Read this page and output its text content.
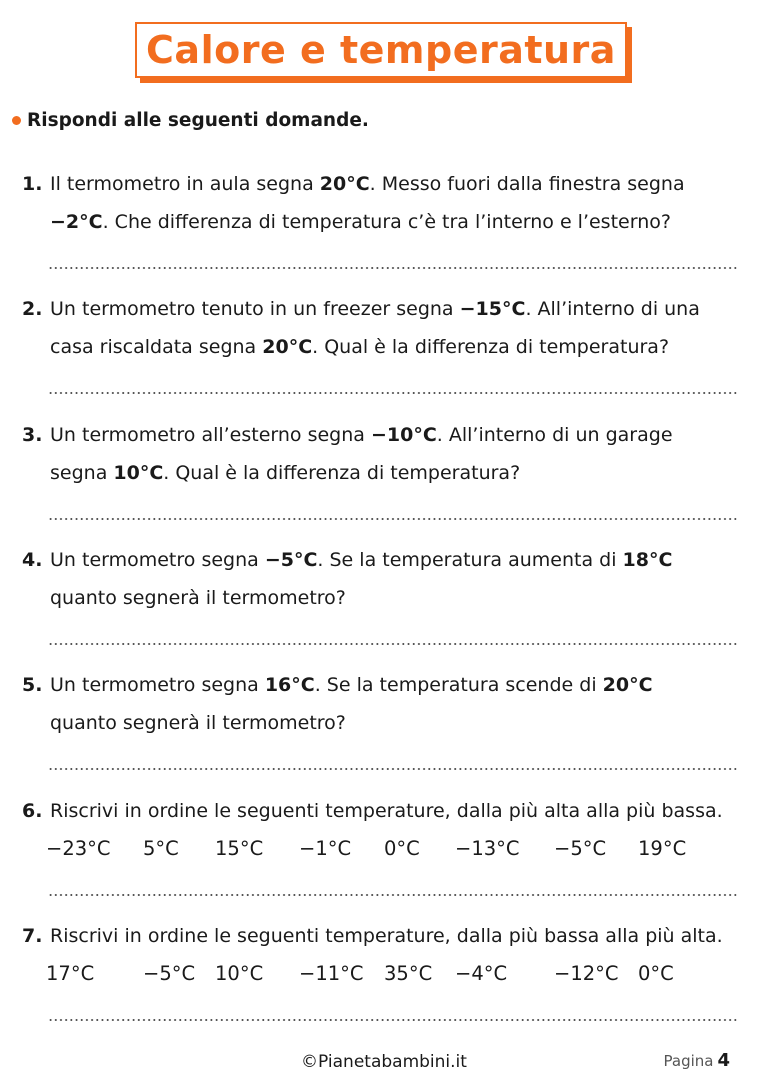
Calore e temperatura
Rispondi alle seguenti domande.
1. Il termometro in aula segna 20°C. Messo fuori dalla finestra segna
−2°C. Che differenza di temperatura c’è tra l’interno e l’esterno?
2. Un termometro tenuto in un freezer segna −15°C. All’interno di una
casa riscaldata segna 20°C. Qual è la differenza di temperatura?
3. Un termometro all’esterno segna −10°C. All’interno di un garage
segna 10°C. Qual è la differenza di temperatura?
4. Un termometro segna −5°C. Se la temperatura aumenta di 18°C
quanto segnerà il termometro?
5. Un termometro segna 16°C. Se la temperatura scende di 20°C
quanto segnerà il termometro?
6. Riscrivi in ordine le seguenti temperature, dalla più alta alla più bassa.
−23°C 5°C 15°C −1°C 0°C −13°C −5°C 19°C
7. Riscrivi in ordine le seguenti temperature, dalla più bassa alla più alta.
17°C	−5°C 10°C −11°C 35°C −4°C −12°C 0°C
©Pianetabambini.it	Pagina 4
